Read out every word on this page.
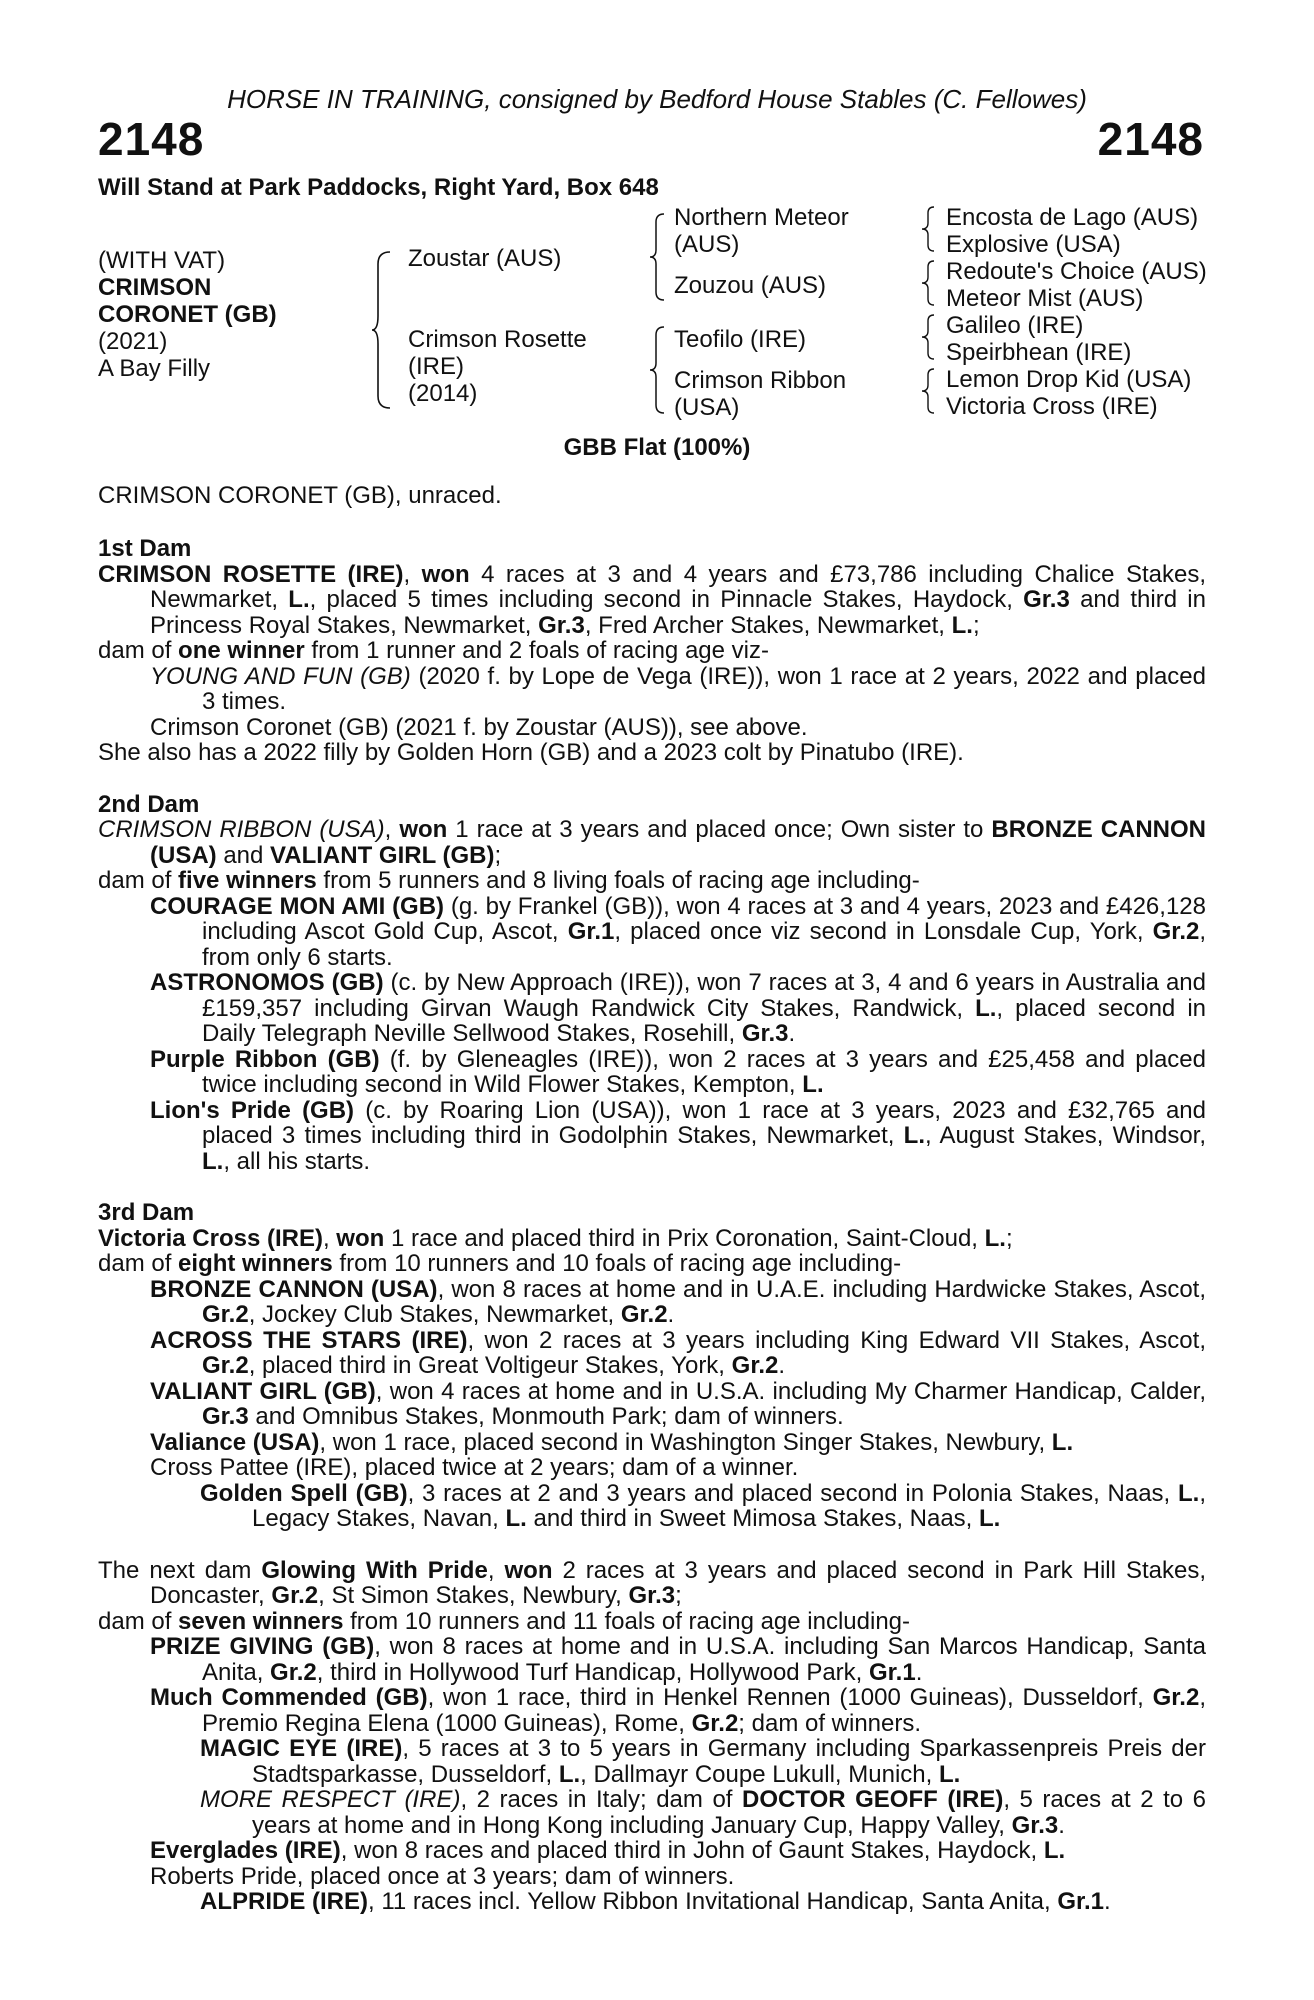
HORSE IN TRAINING, consigned by Bedford House Stables (C. Fellowes)
2148	2148
Will Stand at Park Paddocks, Right Yard, Box 648
(WITH VAT)
CRIMSON
CORONET (GB)
(2021)
A Bay Filly
Zoustar (AUS)
Crimson Rosette
(IRE)
(2014)
Northern Meteor
(AUS)
Zouzou (AUS)
Teofilo (IRE)
Crimson Ribbon
(USA)
Encosta de Lago (AUS)
Explosive (USA)
Redoute's Choice (AUS)
Meteor Mist (AUS)
Galileo (IRE)
Speirbhean (IRE)
Lemon Drop Kid (USA)
Victoria Cross (IRE)
GBB Flat (100%)
CRIMSON CORONET (GB), unraced.
1st Dam

CRIMSON ROSETTE (IRE), won 4 races at 3 and 4 years and £73,786 including Chalice Stakes, Newmarket, L., placed 5 times including second in Pinnacle Stakes, Haydock, Gr.3 and third in Princess Royal Stakes, Newmarket, Gr.3, Fred Archer Stakes, Newmarket, L.;

dam of one winner from 1 runner and 2 foals of racing age viz-

YOUNG AND FUN (GB) (2020 f. by Lope de Vega (IRE)), won 1 race at 2 years, 2022 and placed 3 times.

Crimson Coronet (GB) (2021 f. by Zoustar (AUS)), see above.

She also has a 2022 filly by Golden Horn (GB) and a 2023 colt by Pinatubo (IRE).

2nd Dam

CRIMSON RIBBON (USA), won 1 race at 3 years and placed once; Own sister to BRONZE CANNON (USA) and VALIANT GIRL (GB);

dam of five winners from 5 runners and 8 living foals of racing age including-

COURAGE MON AMI (GB) (g. by Frankel (GB)), won 4 races at 3 and 4 years, 2023 and £426,128 including Ascot Gold Cup, Ascot, Gr.1, placed once viz second in Lonsdale Cup, York, Gr.2, from only 6 starts.

ASTRONOMOS (GB) (c. by New Approach (IRE)), won 7 races at 3, 4 and 6 years in Australia and £159,357 including Girvan Waugh Randwick City Stakes, Randwick, L., placed second in Daily Telegraph Neville Sellwood Stakes, Rosehill, Gr.3.

Purple Ribbon (GB) (f. by Gleneagles (IRE)), won 2 races at 3 years and £25,458 and placed twice including second in Wild Flower Stakes, Kempton, L.

Lion's Pride (GB) (c. by Roaring Lion (USA)), won 1 race at 3 years, 2023 and £32,765 and placed 3 times including third in Godolphin Stakes, Newmarket, L., August Stakes, Windsor, L., all his starts.

3rd Dam

Victoria Cross (IRE), won 1 race and placed third in Prix Coronation, Saint-Cloud, L.;

dam of eight winners from 10 runners and 10 foals of racing age including-

BRONZE CANNON (USA), won 8 races at home and in U.A.E. including Hardwicke Stakes, Ascot, Gr.2, Jockey Club Stakes, Newmarket, Gr.2.

ACROSS THE STARS (IRE), won 2 races at 3 years including King Edward VII Stakes, Ascot, Gr.2, placed third in Great Voltigeur Stakes, York, Gr.2.

VALIANT GIRL (GB), won 4 races at home and in U.S.A. including My Charmer Handicap, Calder, Gr.3 and Omnibus Stakes, Monmouth Park; dam of winners.

Valiance (USA), won 1 race, placed second in Washington Singer Stakes, Newbury, L.

Cross Pattee (IRE), placed twice at 2 years; dam of a winner.

Golden Spell (GB), 3 races at 2 and 3 years and placed second in Polonia Stakes, Naas, L., Legacy Stakes, Navan, L. and third in Sweet Mimosa Stakes, Naas, L.

The next dam Glowing With Pride, won 2 races at 3 years and placed second in Park Hill Stakes, Doncaster, Gr.2, St Simon Stakes, Newbury, Gr.3;

dam of seven winners from 10 runners and 11 foals of racing age including-

PRIZE GIVING (GB), won 8 races at home and in U.S.A. including San Marcos Handicap, Santa Anita, Gr.2, third in Hollywood Turf Handicap, Hollywood Park, Gr.1.

Much Commended (GB), won 1 race, third in Henkel Rennen (1000 Guineas), Dusseldorf, Gr.2, Premio Regina Elena (1000 Guineas), Rome, Gr.2; dam of winners.

MAGIC EYE (IRE), 5 races at 3 to 5 years in Germany including Sparkassenpreis Preis der Stadtsparkasse, Dusseldorf, L., Dallmayr Coupe Lukull, Munich, L.

MORE RESPECT (IRE), 2 races in Italy; dam of DOCTOR GEOFF (IRE), 5 races at 2 to 6 years at home and in Hong Kong including January Cup, Happy Valley, Gr.3.

Everglades (IRE), won 8 races and placed third in John of Gaunt Stakes, Haydock, L.

Roberts Pride, placed once at 3 years; dam of winners.

ALPRIDE (IRE), 11 races incl. Yellow Ribbon Invitational Handicap, Santa Anita, Gr.1.
